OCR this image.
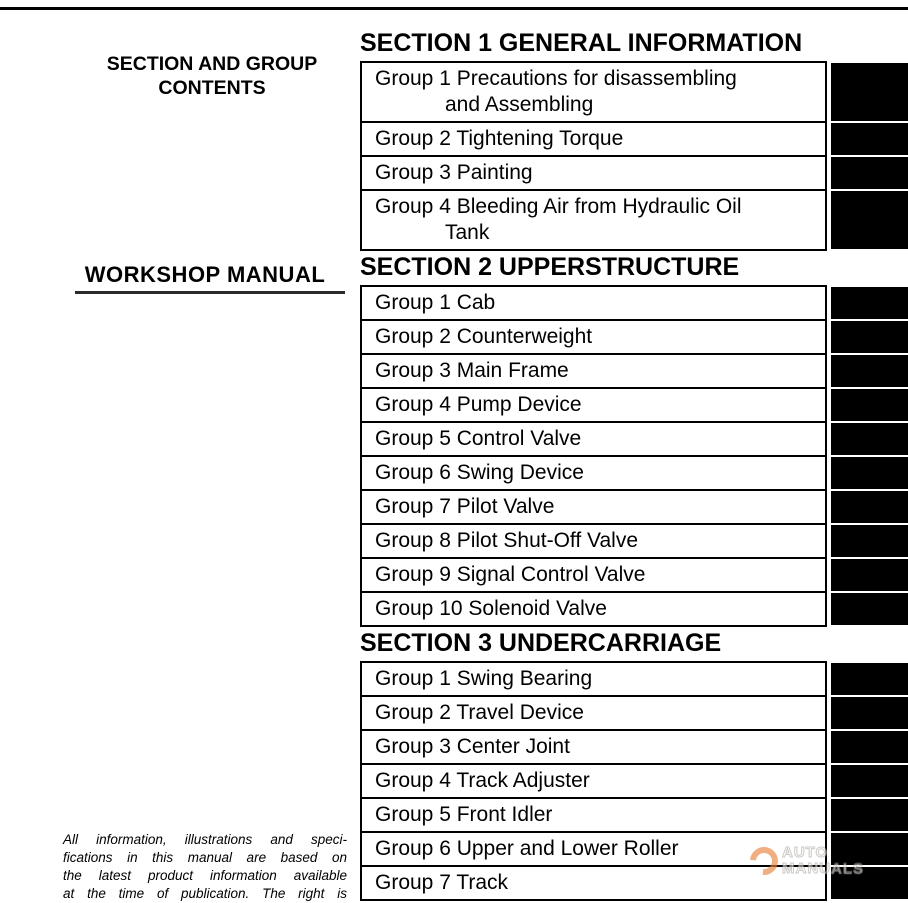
SECTION AND GROUP
CONTENTS
WORKSHOP MANUAL
SECTION 1 GENERAL INFORMATION
Group 1 Precautions for disassembling
and Assembling
Group 2 Tightening Torque
Group 3 Painting
Group 4 Bleeding Air from Hydraulic Oil
Tank
SECTION 2 UPPERSTRUCTURE
Group 1 Cab
Group 2 Counterweight
Group 3 Main Frame
Group 4 Pump Device
Group 5 Control Valve
Group 6 Swing Device
Group 7 Pilot Valve
Group 8 Pilot Shut-Off Valve
Group 9 Signal Control Valve
Group 10 Solenoid Valve
SECTION 3 UNDERCARRIAGE
Group 1 Swing Bearing
Group 2 Travel Device
Group 3 Center Joint
Group 4 Track Adjuster
Group 5 Front Idler
Group 6 Upper and Lower Roller
Group 7 Track
All information, illustrations and speci-
fications in this manual are based on
the latest product information available
at the time of publication. The right is
AUTO
MANUALS
